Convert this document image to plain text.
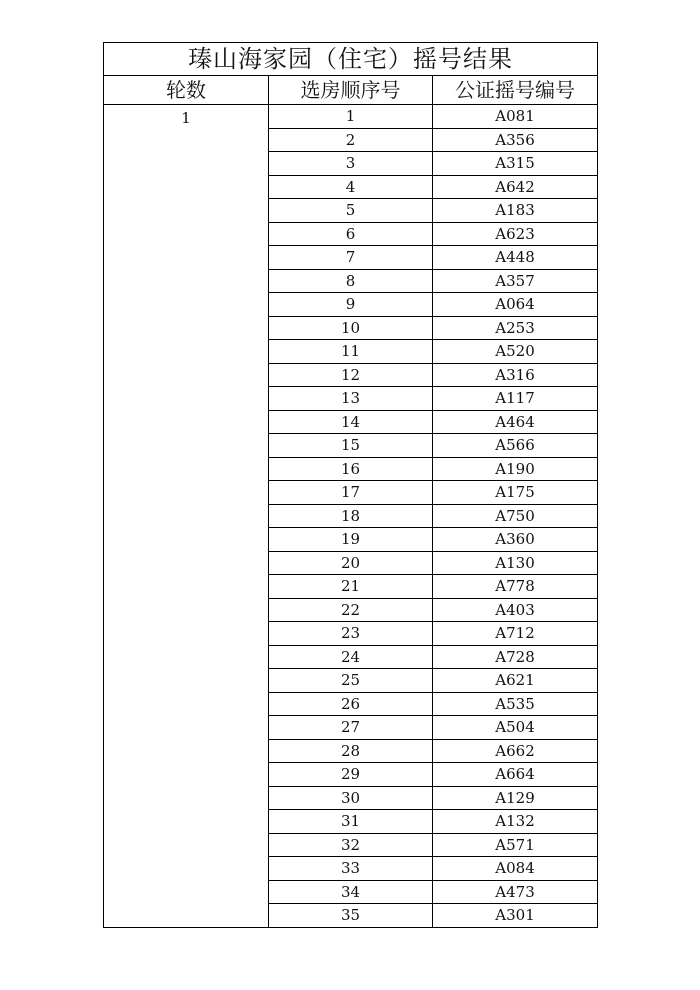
瑧山海家园（住宅）摇号结果		
轮数	选房顺序号	公证摇号编号

1	1	A081
	2	A356
	3	A315
	4	A642
	5	A183
	6	A623
	7	A448
	8	A357
	9	A064
	10	A253
	11	A520
	12	A316
	13	A117
	14	A464
	15	A566
	16	A190
	17	A175
	18	A750
	19	A360
	20	A130
	21	A778
	22	A403
	23	A712
	24	A728
	25	A621
	26	A535
	27	A504
	28	A662
	29	A664
	30	A129
	31	A132
	32	A571
	33	A084
	34	A473
	35	A301
